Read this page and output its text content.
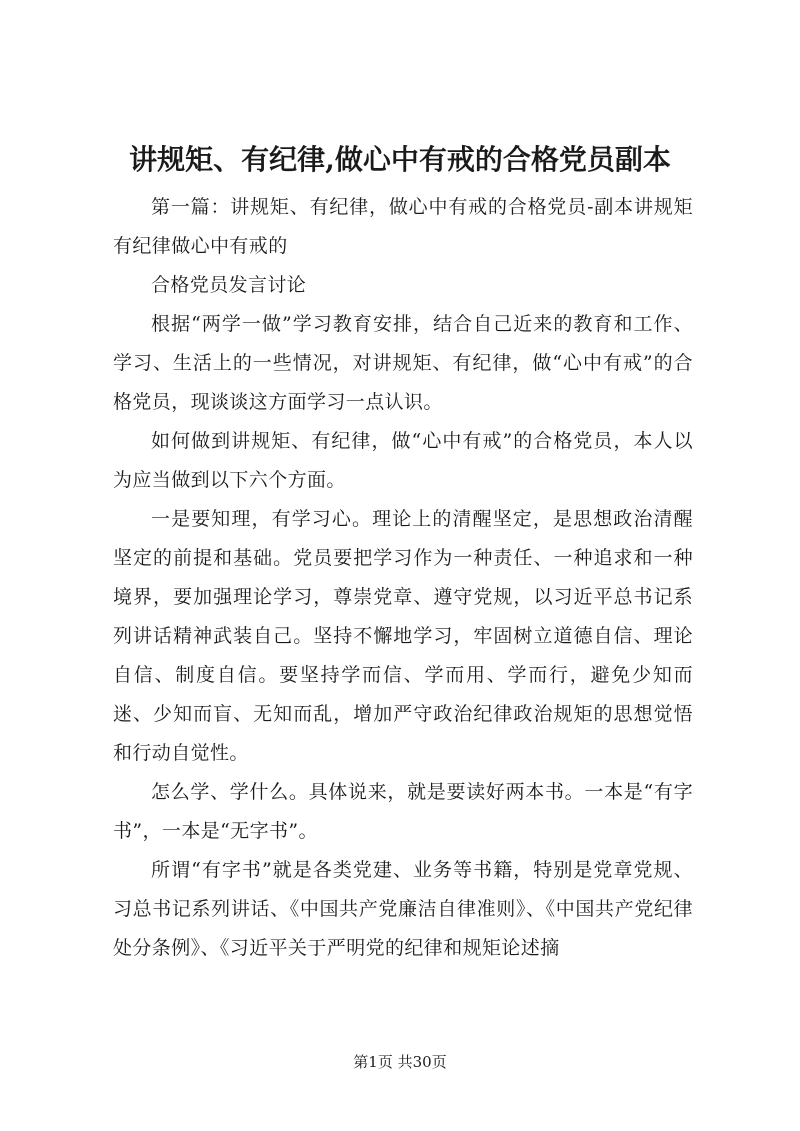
讲规矩、有纪律,做心中有戒的合格党员副本

第一篇：讲规矩、有纪律，做心中有戒的合格党员-副本讲规矩有纪律做心中有戒的

合格党员发言讨论

根据“两学一做”学习教育安排，结合自己近来的教育和工作、学习、生活上的一些情况，对讲规矩、有纪律，做“心中有戒”的合格党员，现谈谈这方面学习一点认识。

如何做到讲规矩、有纪律，做“心中有戒”的合格党员，本人以为应当做到以下六个方面。

一是要知理，有学习心。理论上的清醒坚定，是思想政治清醒坚定的前提和基础。党员要把学习作为一种责任、一种追求和一种境界，要加强理论学习，尊崇党章、遵守党规，以习近平总书记系列讲话精神武装自己。坚持不懈地学习，牢固树立道德自信、理论自信、制度自信。要坚持学而信、学而用、学而行，避免少知而迷、少知而盲、无知而乱，增加严守政治纪律政治规矩的思想觉悟和行动自觉性。

怎么学、学什么。具体说来，就是要读好两本书。一本是“有字书”，一本是“无字书”。

所谓“有字书”就是各类党建、业务等书籍，特别是党章党规、习总书记系列讲话、《中国共产党廉洁自律准则》、《中国共产党纪律处分条例》、《习近平关于严明党的纪律和规矩论述摘

第1页 共30页
